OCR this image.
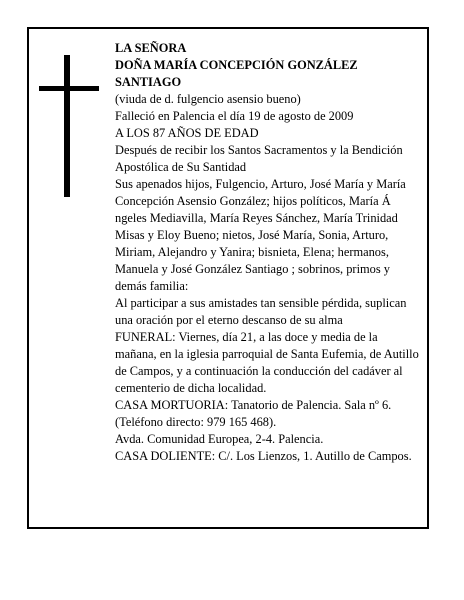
LA SEÑORA

DOÑA MARÍA CONCEPCIÓN GONZÁLEZ

SANTIAGO

(viuda de d. fulgencio asensio bueno)

Falleció en Palencia el día 19 de agosto de 2009

A LOS 87 AÑOS DE EDAD

Después de recibir los Santos Sacramentos y la Bendición Apostólica de Su Santidad

Sus apenados hijos, Fulgencio, Arturo, José María y María Concepción Asensio González; hijos políticos, María Á ngeles Mediavilla, María Reyes Sánchez, María Trinidad Misas y Eloy Bueno; nietos, José María, Sonia, Arturo, Miriam, Alejandro y Yanira; bisnieta, Elena; hermanos, Manuela y José González Santiago ; sobrinos, primos y demás familia:

Al participar a sus amistades tan sensible pérdida, suplican una oración por el eterno descanso de su alma

FUNERAL: Viernes, día 21, a las doce y media de la mañana, en la iglesia parroquial de Santa Eufemia, de Autillo de Campos, y a continuación la conducción del cadáver al cementerio de dicha localidad.

CASA MORTUORIA: Tanatorio de Palencia. Sala nº 6. (Teléfono directo: 979 165 468).

Avda. Comunidad Europea, 2-4. Palencia.

CASA DOLIENTE: C/. Los Lienzos, 1. Autillo de Campos.
